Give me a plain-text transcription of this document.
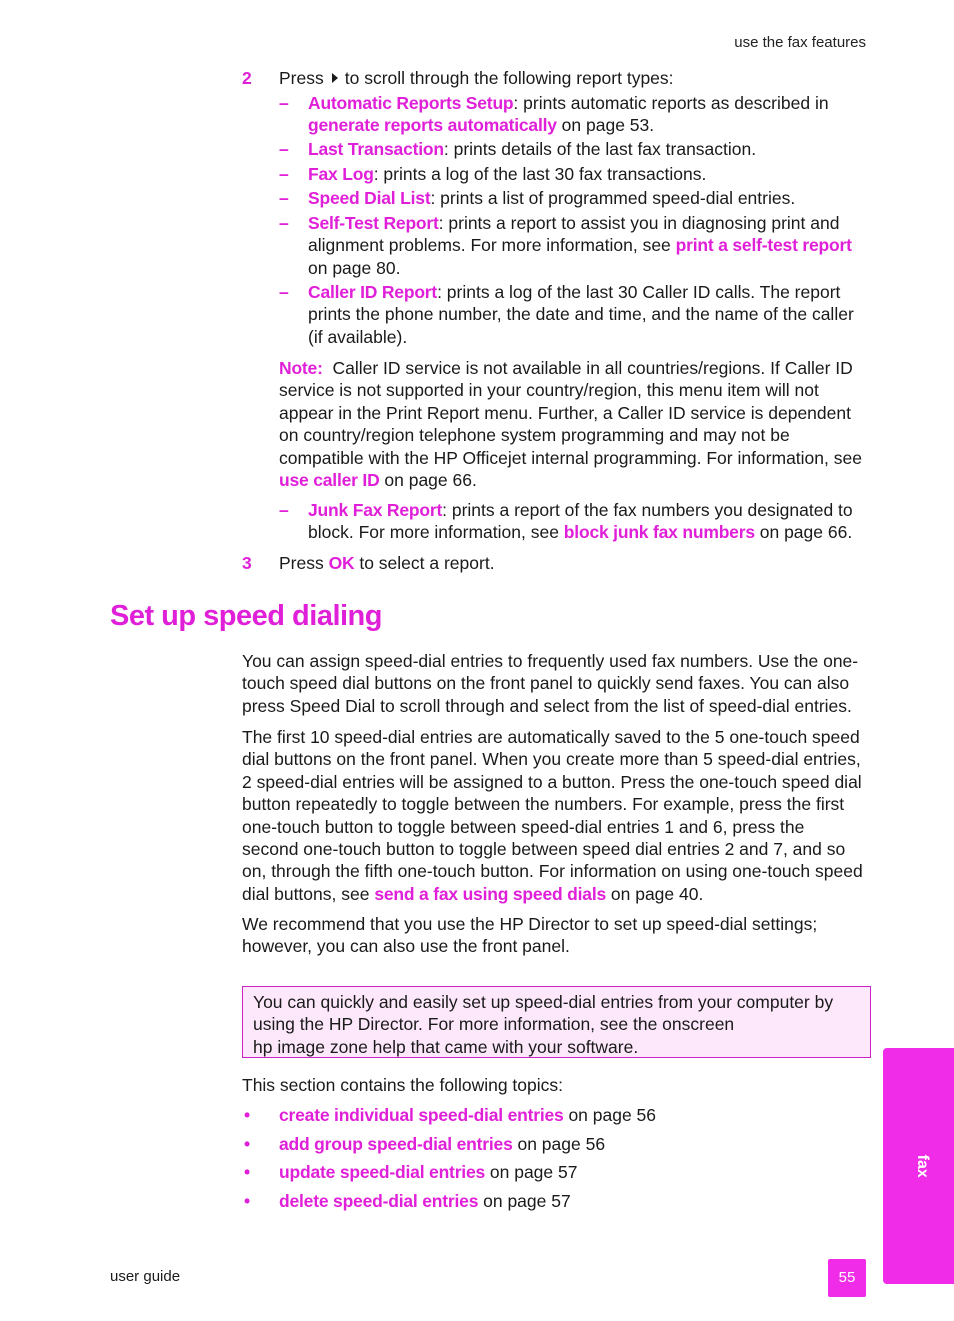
use the fax features
2 Press to scroll through the following report types:
– Automatic Reports Setup: prints automatic reports as described in
generate reports automatically on page 53.
– Last Transaction: prints details of the last fax transaction.
– Fax Log: prints a log of the last 30 fax transactions.
– Speed Dial List: prints a list of programmed speed-dial entries.
– Self-Test Report: prints a report to assist you in diagnosing print and alignment problems. For more information, see print a self-test report on page 80.
– Caller ID Report: prints a log of the last 30 Caller ID calls. The report prints the phone number, the date and time, and the name of the caller (if available).
Note: Caller ID service is not available in all countries/regions. If Caller ID service is not supported in your country/region, this menu item will not appear in the Print Report menu. Further, a Caller ID service is dependent on country/region telephone system programming and may not be compatible with the HP Officejet internal programming. For information, see use caller ID on page 66.
– Junk Fax Report: prints a report of the fax numbers you designated to block. For more information, see block junk fax numbers on page 66.
3 Press OK to select a report.
Set up speed dialing
You can assign speed-dial entries to frequently used fax numbers. Use the one-touch speed dial buttons on the front panel to quickly send faxes. You can also press Speed Dial to scroll through and select from the list of speed-dial entries.
The first 10 speed-dial entries are automatically saved to the 5 one-touch speed dial buttons on the front panel. When you create more than 5 speed-dial entries, 2 speed-dial entries will be assigned to a button. Press the one-touch speed dial button repeatedly to toggle between the numbers. For example, press the first one-touch button to toggle between speed-dial entries 1 and 6, press the second one-touch button to toggle between speed dial entries 2 and 7, and so on, through the fifth one-touch button. For information on using one-touch speed dial buttons, see send a fax using speed dials on page 40.
We recommend that you use the HP Director to set up speed-dial settings; however, you can also use the front panel.
You can quickly and easily set up speed-dial entries from your computer by
using the HP Director. For more information, see the onscreen
hp image zone help that came with your software.
This section contains the following topics:
• create individual speed-dial entries on page 56
• add group speed-dial entries on page 56
• update speed-dial entries on page 57
• delete speed-dial entries on page 57
user guide	55
fax
